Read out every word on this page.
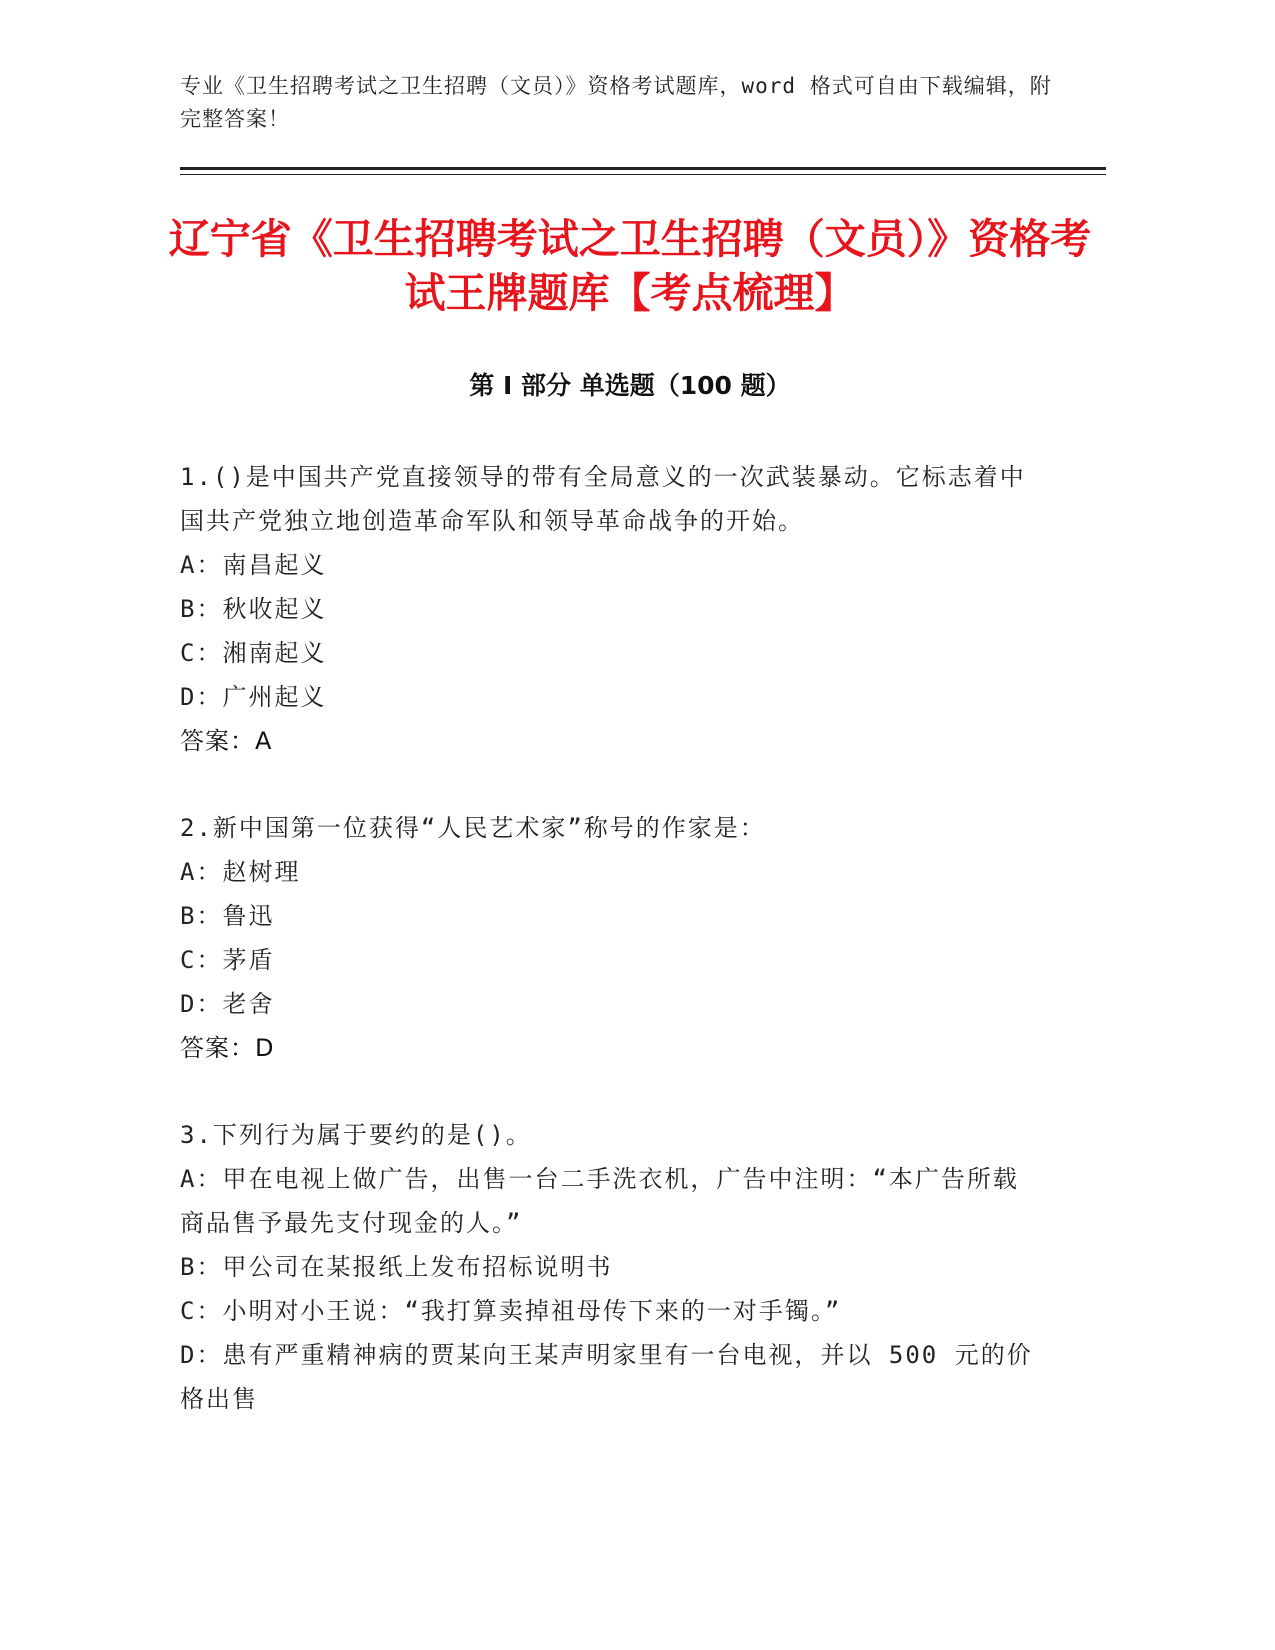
专业《卫生招聘考试之卫生招聘（文员）》资格考试题库，word 格式可自由下载编辑，附完整答案！
辽宁省《卫生招聘考试之卫生招聘（文员）》资格考试王牌题库【考点梳理】
第 I 部分 单选题（100 题）

1.()是中国共产党直接领导的带有全局意义的一次武装暴动。它标志着中国共产党独立地创造革命军队和领导革命战争的开始。

A：南昌起义

B：秋收起义

C：湘南起义

D：广州起义

答案：A

2.新中国第一位获得“人民艺术家”称号的作家是：

A：赵树理

B：鲁迅

C：茅盾

D：老舍

答案：D

3.下列行为属于要约的是()。

A：甲在电视上做广告，出售一台二手洗衣机，广告中注明：“本广告所载商品售予最先支付现金的人。”

B：甲公司在某报纸上发布招标说明书

C：小明对小王说：“我打算卖掉祖母传下来的一对手镯。”

D：患有严重精神病的贾某向王某声明家里有一台电视，并以 500 元的价格出售
